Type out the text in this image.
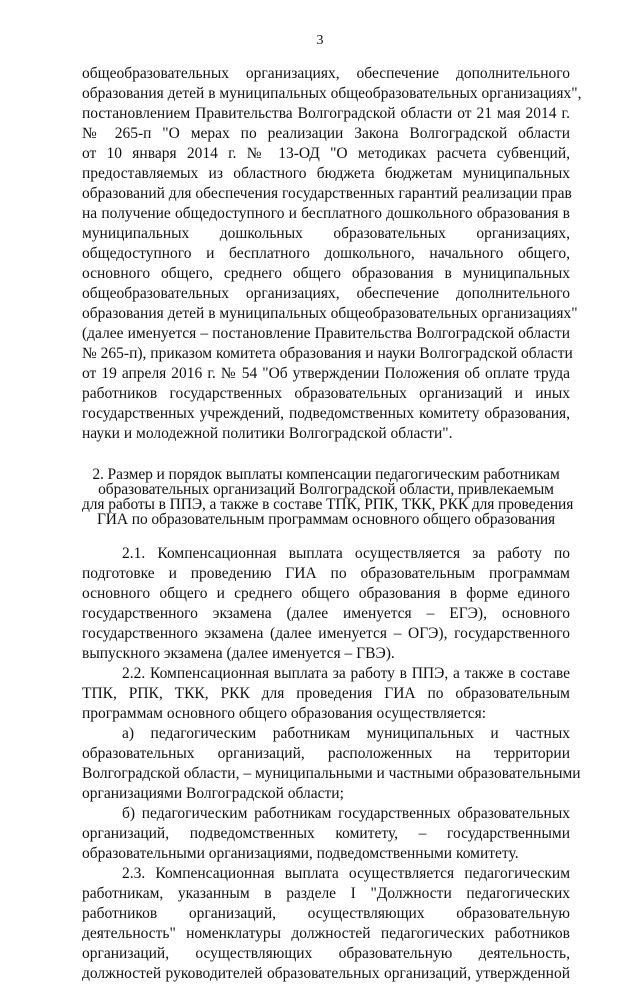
3
общеобразовательных организациях, обеспечение дополнительного
образования детей в муниципальных общеобразовательных организациях",
постановлением Правительства Волгоградской области от 21 мая 2014 г.
№ 265-п "О мерах по реализации Закона Волгоградской области
от 10 января 2014 г. № 13-ОД "О методиках расчета субвенций,
предоставляемых из областного бюджета бюджетам муниципальных
образований для обеспечения государственных гарантий реализации прав
на получение общедоступного и бесплатного дошкольного образования в
муниципальных дошкольных образовательных организациях,
общедоступного и бесплатного дошкольного, начального общего,
основного общего, среднего общего образования в муниципальных
общеобразовательных организациях, обеспечение дополнительного
образования детей в муниципальных общеобразовательных организациях"
(далее именуется – постановление Правительства Волгоградской области
№ 265-п), приказом комитета образования и науки Волгоградской области
от 19 апреля 2016 г. № 54 "Об утверждении Положения об оплате труда
работников государственных образовательных организаций и иных
государственных учреждений, подведомственных комитету образования,
науки и молодежной политики Волгоградской области".
2. Размер и порядок выплаты компенсации педагогическим работникам
образовательных организаций Волгоградской области, привлекаемым
для работы в ППЭ, а также в составе ТПК, РПК, ТКК, РКК для проведения
ГИА по образовательным программам основного общего образования
2.1. Компенсационная выплата осуществляется за работу по
подготовке и проведению ГИА по образовательным программам
основного общего и среднего общего образования в форме единого
государственного экзамена (далее именуется – ЕГЭ), основного
государственного экзамена (далее именуется – ОГЭ), государственного
выпускного экзамена (далее именуется – ГВЭ).
2.2. Компенсационная выплата за работу в ППЭ, а также в составе
ТПК, РПК, ТКК, РКК для проведения ГИА по образовательным
программам основного общего образования осуществляется:
а) педагогическим работникам муниципальных и частных
образовательных организаций, расположенных на территории
Волгоградской области, – муниципальными и частными образовательными
организациями Волгоградской области;
б) педагогическим работникам государственных образовательных
организаций, подведомственных комитету, – государственными
образовательными организациями, подведомственными комитету.
2.3. Компенсационная выплата осуществляется педагогическим
работникам, указанным в разделе I "Должности педагогических
работников организаций, осуществляющих образовательную
деятельность" номенклатуры должностей педагогических работников
организаций, осуществляющих образовательную деятельность,
должностей руководителей образовательных организаций, утвержденной
